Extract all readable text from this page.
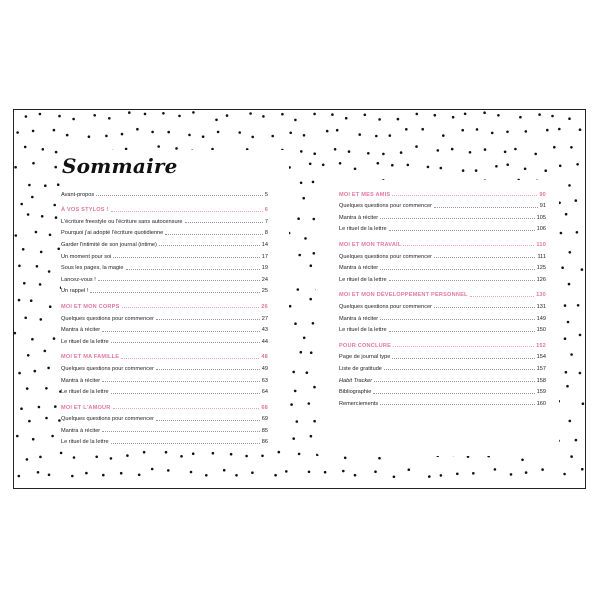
Sommaire
Avant-propos	5
À VOS STYLOS !	6
L'écriture freestyle ou l'écriture sans autocensure	7
Pourquoi j'ai adopté l'écriture quotidienne	8
Garder l'intimité de son journal (intime)	14
Un moment pour soi	17
Sous les pages, la magie	19
Lancez-vous !	24
Un rappel !	25
MOI ET MON CORPS	26
Quelques questions pour commencer	27
Mantra à réciter	43
Le rituel de la lettre	44
MOI ET MA FAMILLE	48
Quelques questions pour commencer	49
Mantra à réciter	63
Le rituel de la lettre	64
MOI ET L'AMOUR	68
Quelques questions pour commencer	69
Mantra à réciter	85
Le rituel de la lettre	86
MOI ET MES AMIS	90
Quelques questions pour commencer	91
Mantra à réciter	105
Le rituel de la lettre	106
MOI ET MON TRAVAIL	110
Quelques questions pour commencer	111
Mantra à réciter	125
Le rituel de la lettre	126
MOI ET MON DÉVELOPPEMENT PERSONNEL	130
Quelques questions pour commencer	131
Mantra à réciter	149
Le rituel de la lettre	150
POUR CONCLURE	152
Page de journal type	154
Liste de gratitude	157
Habit Tracker	158
Bibliographie	159
Remerciements	160
